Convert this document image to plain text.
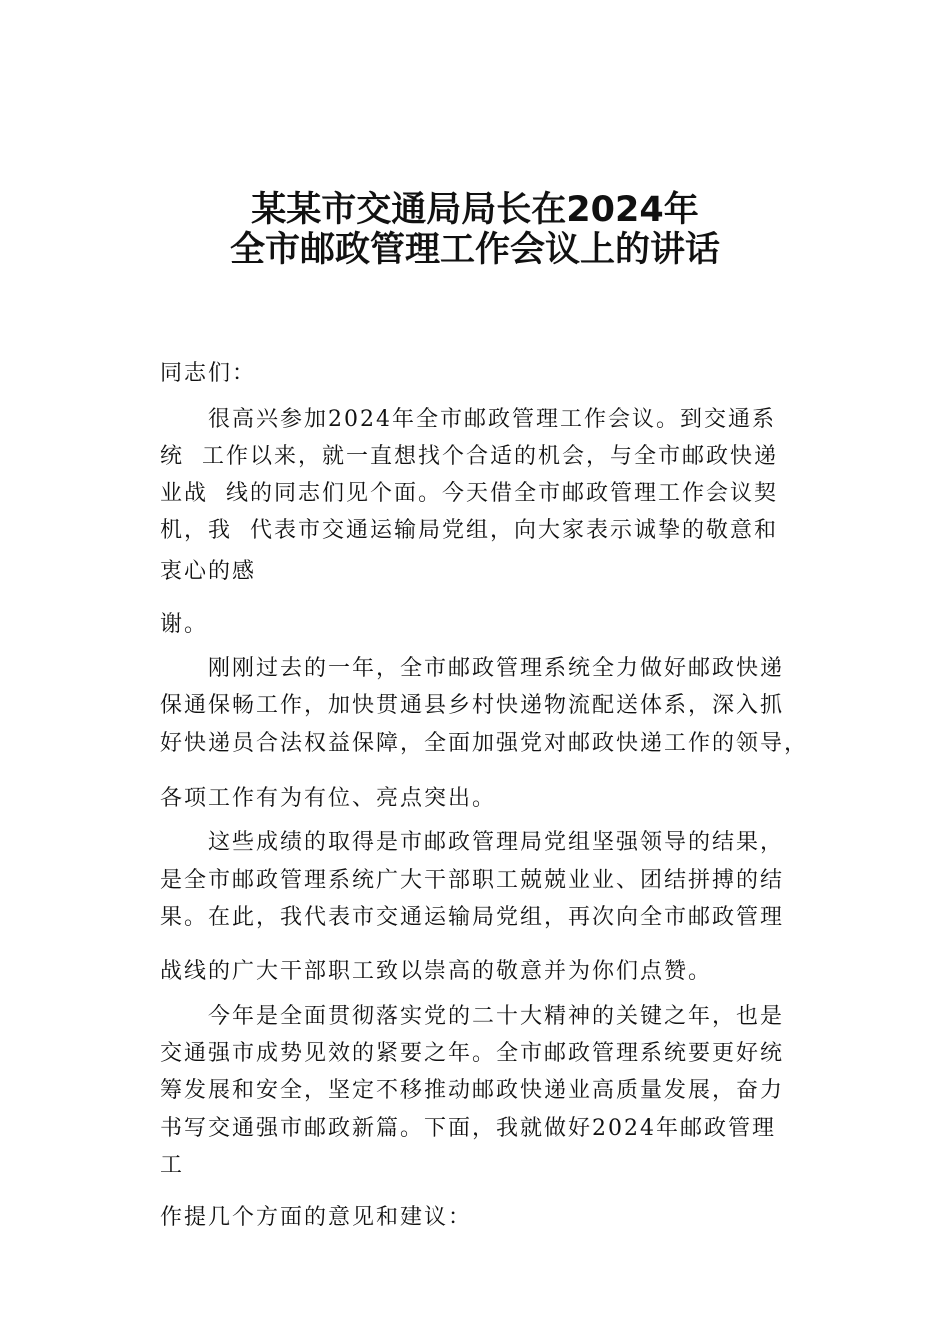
某某市交通局局长在2024年
全市邮政管理工作会议上的讲话
同志们：
很高兴参加2024年全市邮政管理工作会议。到交通系
统  工作以来，就一直想找个合适的机会，与全市邮政快递
业战  线的同志们见个面。今天借全市邮政管理工作会议契
机，我  代表市交通运输局党组，向大家表示诚挚的敬意和
衷心的感
谢。
刚刚过去的一年，全市邮政管理系统全力做好邮政快递
保通保畅工作，加快贯通县乡村快递物流配送体系，深入抓
好快递员合法权益保障，全面加强党对邮政快递工作的领导，
各项工作有为有位、亮点突出。
这些成绩的取得是市邮政管理局党组坚强领导的结果，
是全市邮政管理系统广大干部职工兢兢业业、团结拼搏的结
果。在此，我代表市交通运输局党组，再次向全市邮政管理
战线的广大干部职工致以崇高的敬意并为你们点赞。
今年是全面贯彻落实党的二十大精神的关键之年，也是
交通强市成势见效的紧要之年。全市邮政管理系统要更好统
筹发展和安全，坚定不移推动邮政快递业高质量发展，奋力
书写交通强市邮政新篇。下面，我就做好2024年邮政管理
工
作提几个方面的意见和建议：
